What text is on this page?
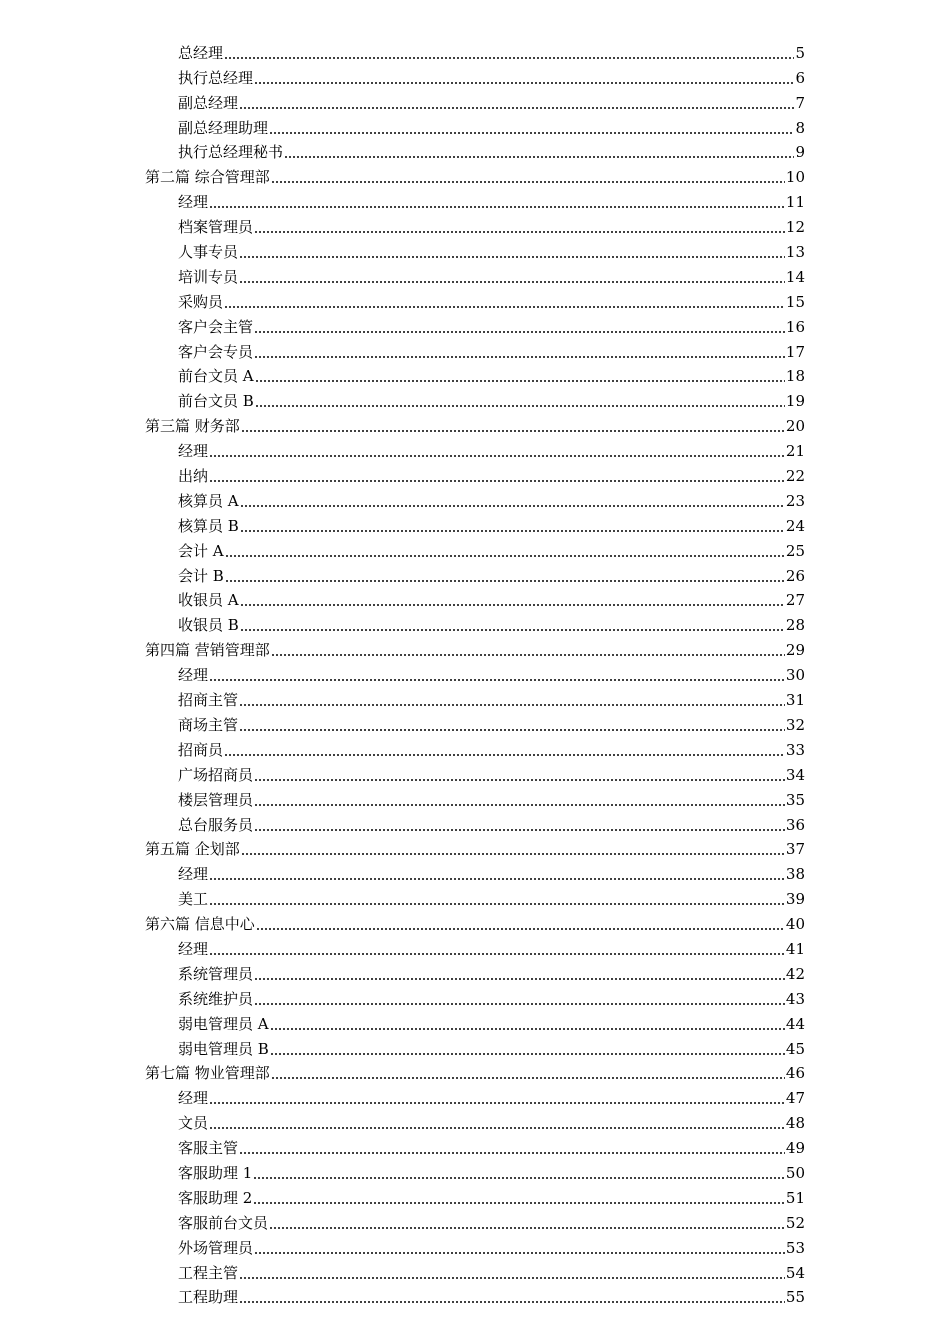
总经理	5
执行总经理	6
副总经理	7
副总经理助理	8
执行总经理秘书	9
第二篇 综合管理部	10
经理	11
档案管理员	12
人事专员	13
培训专员	14
采购员	15
客户会主管	16
客户会专员	17
前台文员 A	18
前台文员 B	19
第三篇 财务部	20
经理	21
出纳	22
核算员 A	23
核算员 B	24
会计 A	25
会计 B	26
收银员 A	27
收银员 B	28
第四篇 营销管理部	29
经理	30
招商主管	31
商场主管	32
招商员	33
广场招商员	34
楼层管理员	35
总台服务员	36
第五篇 企划部	37
经理	38
美工	39
第六篇 信息中心	40
经理	41
系统管理员	42
系统维护员	43
弱电管理员 A	44
弱电管理员 B	45
第七篇 物业管理部	46
经理	47
文员	48
客服主管	49
客服助理 1	50
客服助理 2	51
客服前台文员	52
外场管理员	53
工程主管	54
工程助理	55
